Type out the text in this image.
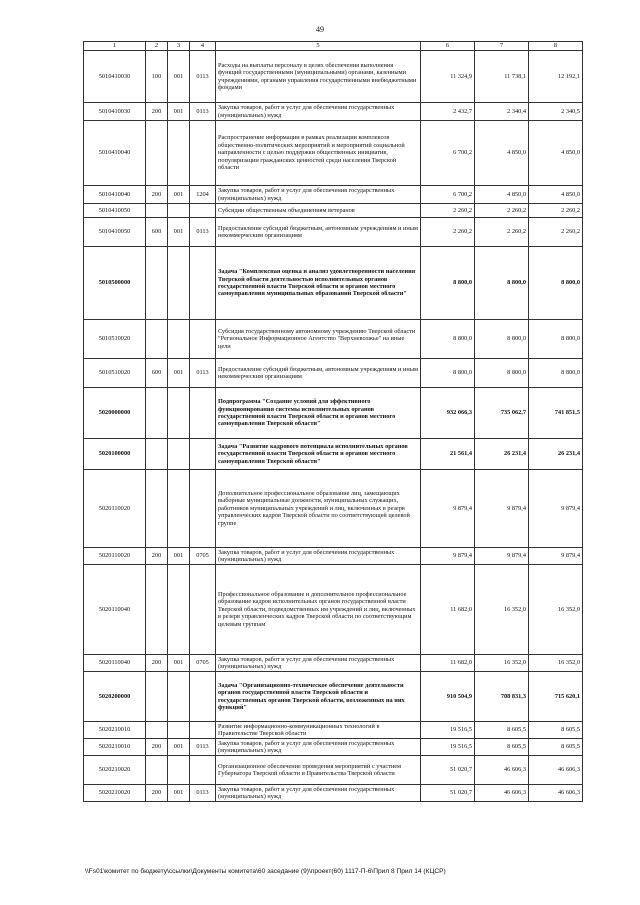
49
1	2	3	4	5	6	7	8
5010410030	100	001	0113	Расходы на выплаты персоналу в целях обеспечения выполнения функций государственными (муниципальными) органами, казенными учреждениями, органами управления государственными внебюджетными фондами	11 324,9	11 738,1	12 192,1
5010410030	200	001	0113	Закупка товаров, работ и услуг для обеспечения государственных (муниципальных) нужд	2 432,7	2 340,4	2 340,5
5010410040				Распространение информации в рамках реализации комплексов общественно-политических мероприятий и мероприятий социальной направленности с целью поддержки общественных инициатив, популяризации гражданских ценностей среди населения Тверской области	6 700,2	4 850,0	4 850,0
5010410040	200	001	1204	Закупка товаров, работ и услуг для обеспечения государственных (муниципальных) нужд	6 700,2	4 850,0	4 850,0
5010410050				Субсидии общественным объединениям ветеранов	2 260,2	2 260,2	2 260,2
5010410050	600	001	0113	Предоставление субсидий бюджетным, автономным учреждениям и иным некоммерческим организациям	2 260,2	2 260,2	2 260,2
5010500000				Задача "Комплексная оценка и анализ удовлетворенности населения Тверской области деятельностью исполнительных органов государственной власти Тверской области и органов местного самоуправления муниципальных образований Тверской области"	8 800,0	8 800,0	8 800,0
5010510020				Субсидия государственному автономному учреждению Тверской области "Региональное Информационное Агентство "Верхневолжье" на иные цели	8 800,0	8 800,0	8 800,0
5010510020	600	001	0113	Предоставление субсидий бюджетным, автономным учреждениям и иным некоммерческим организациям	8 800,0	8 800,0	8 800,0
5020000000				Подпрограмма "Создание условий для эффективного функционирования системы исполнительных органов государственной власти Тверской области и органов местного самоуправления Тверской области"	932 066,3	735 062,7	741 851,5
5020100000				Задача "Развитие кадрового потенциала исполнительных органов государственной власти Тверской области и органов местного самоуправления Тверской области"	21 561,4	26 231,4	26 231,4
5020110020				Дополнительное профессиональное образование лиц, замещающих выборные муниципальные должности, муниципальных служащих, работников муниципальных учреждений и лиц, включенных в резерв управленческих кадров Тверской области по соответствующей целевой группе	9 879,4	9 879,4	9 879,4
5020110020	200	001	0705	Закупка товаров, работ и услуг для обеспечения государственных (муниципальных) нужд	9 879,4	9 879,4	9 879,4
5020110040				Профессиональное образование и дополнительное профессиональное образование кадров исполнительных органов государственной власти Тверской области, подведомственных им учреждений и лиц, включенных в резерв управленческих кадров Тверской области по соответствующим целевым группам	11 682,0	16 352,0	16 352,0
5020110040	200	001	0705	Закупка товаров, работ и услуг для обеспечения государственных (муниципальных) нужд	11 682,0	16 352,0	16 352,0
5020200000				Задача "Организационно-техническое обеспечение деятельности органов государственной власти Тверской области и государственных органов Тверской области, возложенных на них функций"	910 504,9	708 831,3	715 620,1
5020210010				Развитие информационно-коммуникационных технологий в Правительстве Тверской области	19 516,5	8 605,5	8 605,5
5020210010	200	001	0113	Закупка товаров, работ и услуг для обеспечения государственных (муниципальных) нужд	19 516,5	8 605,5	8 605,5
5020210020				Организационное обеспечение проведения мероприятий с участием Губернатора Тверской области и Правительства Тверской области	51 020,7	46 606,3	46 606,3
5020210020	200	001	0113	Закупка товаров, работ и услуг для обеспечения государственных (муниципальных) нужд	51 020,7	46 606,3	46 606,3
\\Fs01\комитет по бюджету\ссылки\Документы комитета\60 заседание (9)\проект(60) 1117-П-6\Прил 8 Прил 14 (КЦСР)
